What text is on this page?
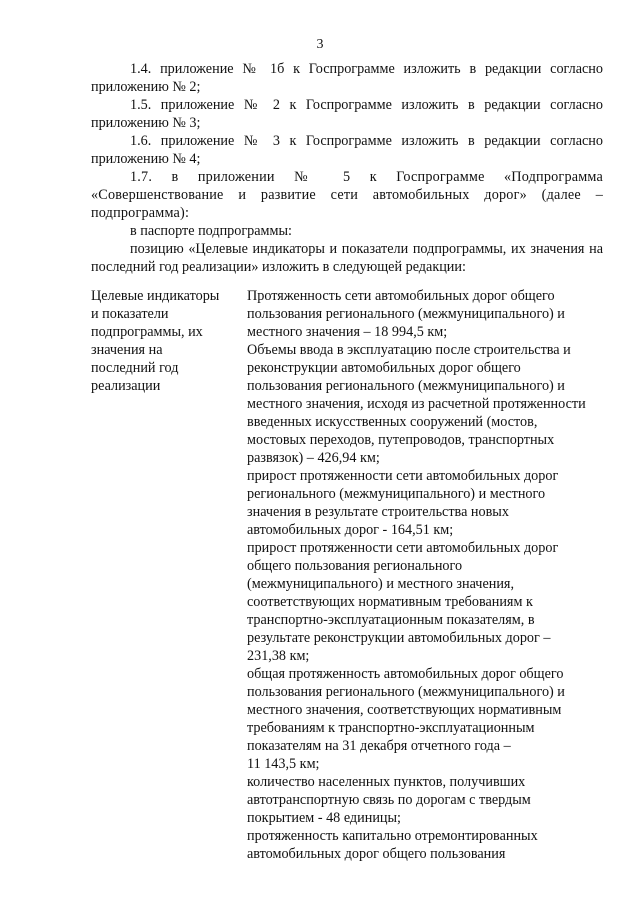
3

1.4. приложение № 1б к Госпрограмме изложить в редакции согласно приложению № 2;

1.5. приложение № 2 к Госпрограмме изложить в редакции согласно приложению № 3;

1.6. приложение № 3 к Госпрограмме изложить в редакции согласно приложению № 4;

1.7. в приложении № 5 к Госпрограмме «Подпрограмма «Совершенствование и развитие сети автомобильных дорог» (далее – подпрограмма):

в паспорте подпрограммы:

позицию «Целевые индикаторы и показатели подпрограммы, их значения на последний год реализации» изложить в следующей редакции:

Целевые индикаторы
и показатели
подпрограммы, их
значения на
последний год
реализации
Протяженность сети автомобильных дорог общего
пользования регионального (межмуниципального) и
местного значения – 18 994,5 км;
Объемы ввода в эксплуатацию после строительства и
реконструкции автомобильных дорог общего
пользования регионального (межмуниципального) и
местного значения, исходя из расчетной протяженности
введенных искусственных сооружений (мостов,
мостовых переходов, путепроводов, транспортных
развязок) – 426,94 км;
прирост протяженности сети автомобильных дорог
регионального (межмуниципального) и местного
значения в результате строительства новых
автомобильных дорог - 164,51 км;
прирост протяженности сети автомобильных дорог
общего пользования регионального
(межмуниципального) и местного значения,
соответствующих нормативным требованиям к
транспортно-эксплуатационным показателям, в
результате реконструкции автомобильных дорог –
231,38 км;
общая протяженность автомобильных дорог общего
пользования регионального (межмуниципального) и
местного значения, соответствующих нормативным
требованиям к транспортно-эксплуатационным
показателям на 31 декабря отчетного года –
11 143,5 км;
количество населенных пунктов, получивших
автотранспортную связь по дорогам с твердым
покрытием - 48 единицы;
протяженность капитально отремонтированных
автомобильных дорог общего пользования
